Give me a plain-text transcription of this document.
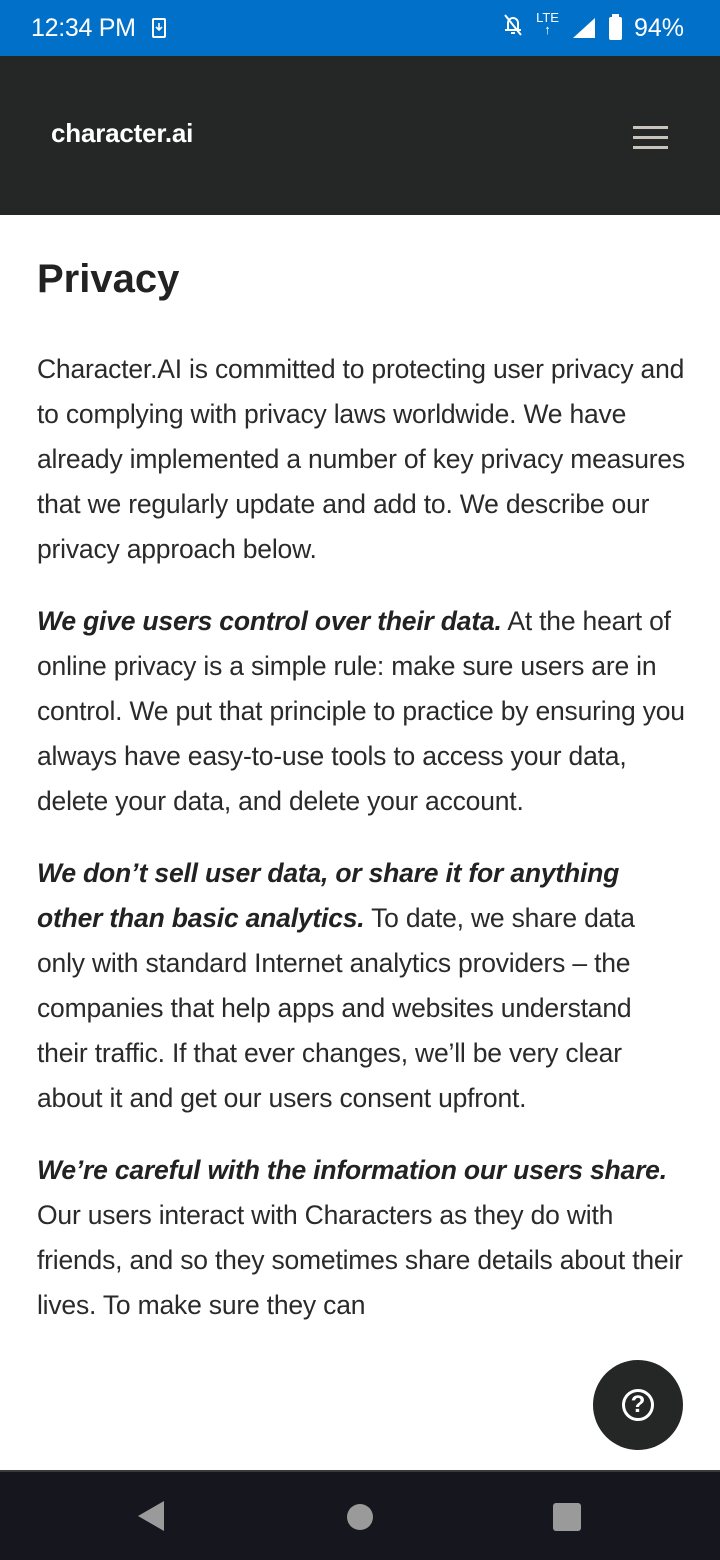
12:34 PM	LTE
↑	94%
character.ai
Privacy

Character.AI is committed to protecting user privacy and to complying with privacy laws worldwide. We have already implemented a number of key privacy measures that we regularly update and add to. We describe our privacy approach below.

We give users control over their data. At the heart of online privacy is a simple rule: make sure users are in control. We put that principle to practice by ensuring you always have easy-to-use tools to access your data, delete your data, and delete your account.

We don’t sell user data, or share it for anything other than basic analytics. To date, we share data only with standard Internet analytics providers – the companies that help apps and websites understand their traffic. If that ever changes, we’ll be very clear about it and get our users consent upfront.

We’re careful with the information our users share. Our users interact with Characters as they do with friends, and so they sometimes share details about their lives. To make sure they can

?
